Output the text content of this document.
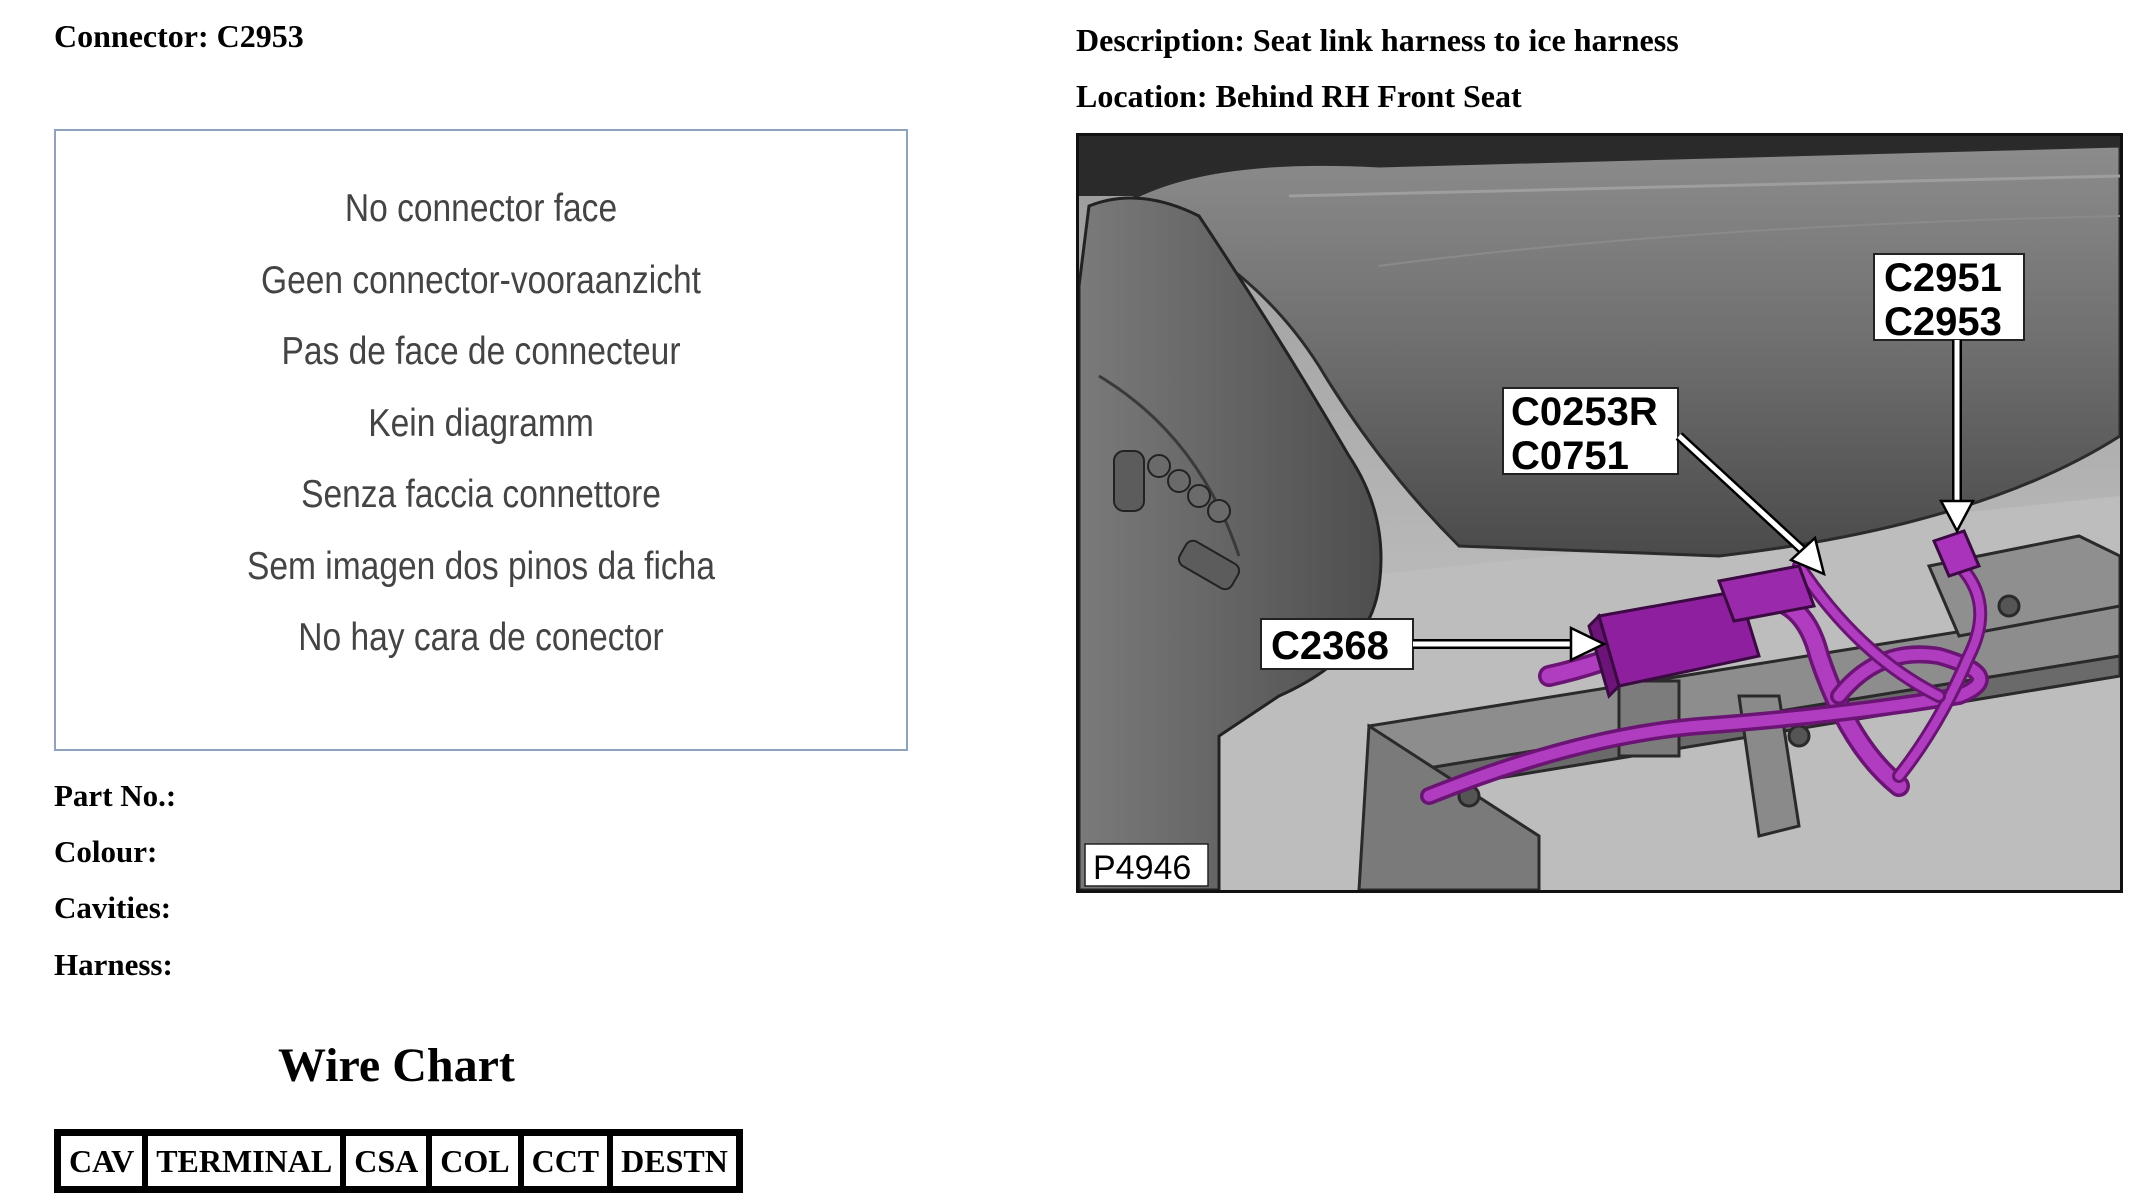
Connector: C2953	Description: Seat link harness to ice harness
Location: Behind RH Front Seat
No connector face
Geen connector-vooraanzicht
Pas de face de connecteur
Kein diagramm
Senza faccia connettore
Sem imagen dos pinos da ficha
No hay cara de conector
Part No.:
Colour:
Cavities:
Harness:
C2951
C2953
C0253R
C0751
C2368
P4946
Wire Chart
CAV	TERMINAL	CSA	COL	CCT	DESTN
